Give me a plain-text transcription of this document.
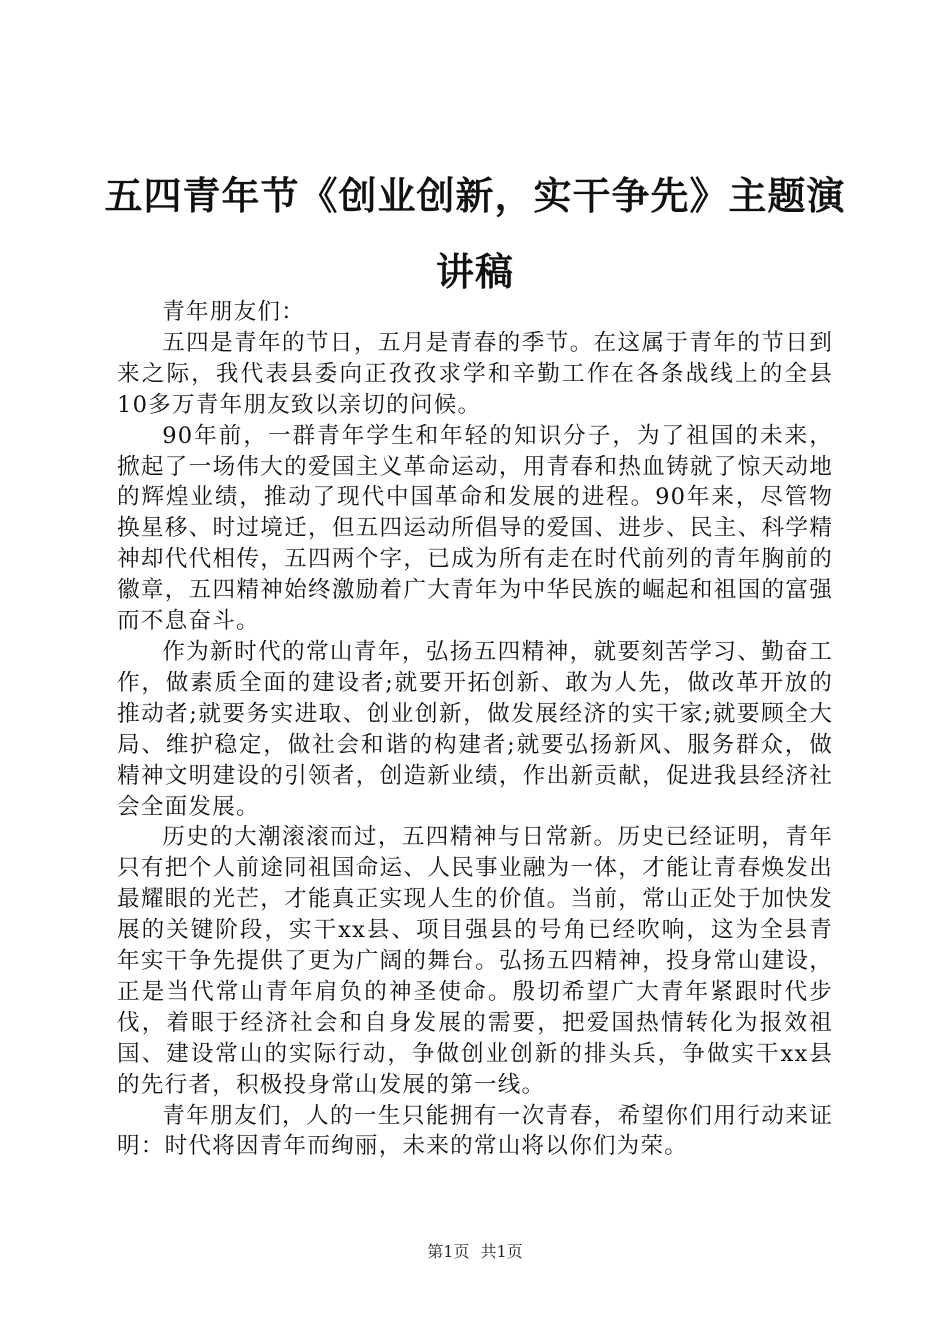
五四青年节《创业创新，实干争先》主题演讲稿

青年朋友们：

五四是青年的节日，五月是青春的季节。在这属于青年的节日到来之际，我代表县委向正孜孜求学和辛勤工作在各条战线上的全县10多万青年朋友致以亲切的问候。

90年前，一群青年学生和年轻的知识分子，为了祖国的未来，掀起了一场伟大的爱国主义革命运动，用青春和热血铸就了惊天动地的辉煌业绩，推动了现代中国革命和发展的进程。90年来，尽管物换星移、时过境迁，但五四运动所倡导的爱国、进步、民主、科学精神却代代相传，五四两个字，已成为所有走在时代前列的青年胸前的徽章，五四精神始终激励着广大青年为中华民族的崛起和祖国的富强而不息奋斗。

作为新时代的常山青年，弘扬五四精神，就要刻苦学习、勤奋工作，做素质全面的建设者;就要开拓创新、敢为人先，做改革开放的推动者;就要务实进取、创业创新，做发展经济的实干家;就要顾全大局、维护稳定，做社会和谐的构建者;就要弘扬新风、服务群众，做精神文明建设的引领者，创造新业绩，作出新贡献，促进我县经济社会全面发展。

历史的大潮滚滚而过，五四精神与日常新。历史已经证明，青年只有把个人前途同祖国命运、人民事业融为一体，才能让青春焕发出最耀眼的光芒，才能真正实现人生的价值。当前，常山正处于加快发展的关键阶段，实干xx县、项目强县的号角已经吹响，这为全县青年实干争先提供了更为广阔的舞台。弘扬五四精神，投身常山建设，正是当代常山青年肩负的神圣使命。殷切希望广大青年紧跟时代步伐，着眼于经济社会和自身发展的需要，把爱国热情转化为报效祖国、建设常山的实际行动，争做创业创新的排头兵，争做实干xx县的先行者，积极投身常山发展的第一线。

青年朋友们，人的一生只能拥有一次青春，希望你们用行动来证明：时代将因青年而绚丽，未来的常山将以你们为荣。

第1页 共1页
